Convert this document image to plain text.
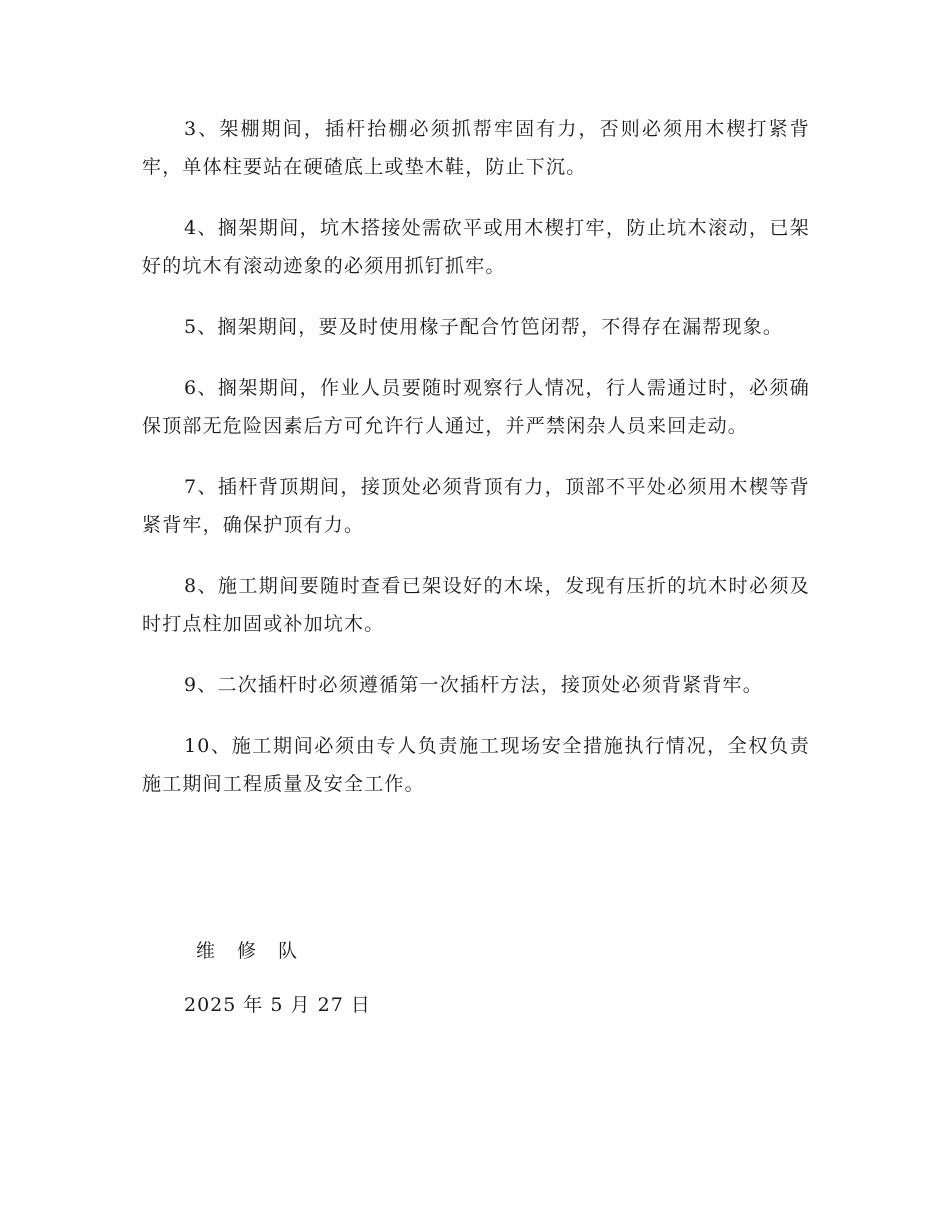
3、架棚期间，插杆抬棚必须抓帮牢固有力，否则必须用木楔打紧背牢，单体柱要站在硬碴底上或垫木鞋，防止下沉。

4、搁架期间，坑木搭接处需砍平或用木楔打牢，防止坑木滚动，已架好的坑木有滚动迹象的必须用抓钉抓牢。

5、搁架期间，要及时使用椽子配合竹笆闭帮，不得存在漏帮现象。

6、搁架期间，作业人员要随时观察行人情况，行人需通过时，必须确保顶部无危险因素后方可允许行人通过，并严禁闲杂人员来回走动。

7、插杆背顶期间，接顶处必须背顶有力，顶部不平处必须用木楔等背紧背牢，确保护顶有力。

8、施工期间要随时查看已架设好的木垛，发现有压折的坑木时必须及时打点柱加固或补加坑木。

9、二次插杆时必须遵循第一次插杆方法，接顶处必须背紧背牢。

10、施工期间必须由专人负责施工现场安全措施执行情况，全权负责施工期间工程质量及安全工作。

维 修 队
2025 年 5 月 27 日
